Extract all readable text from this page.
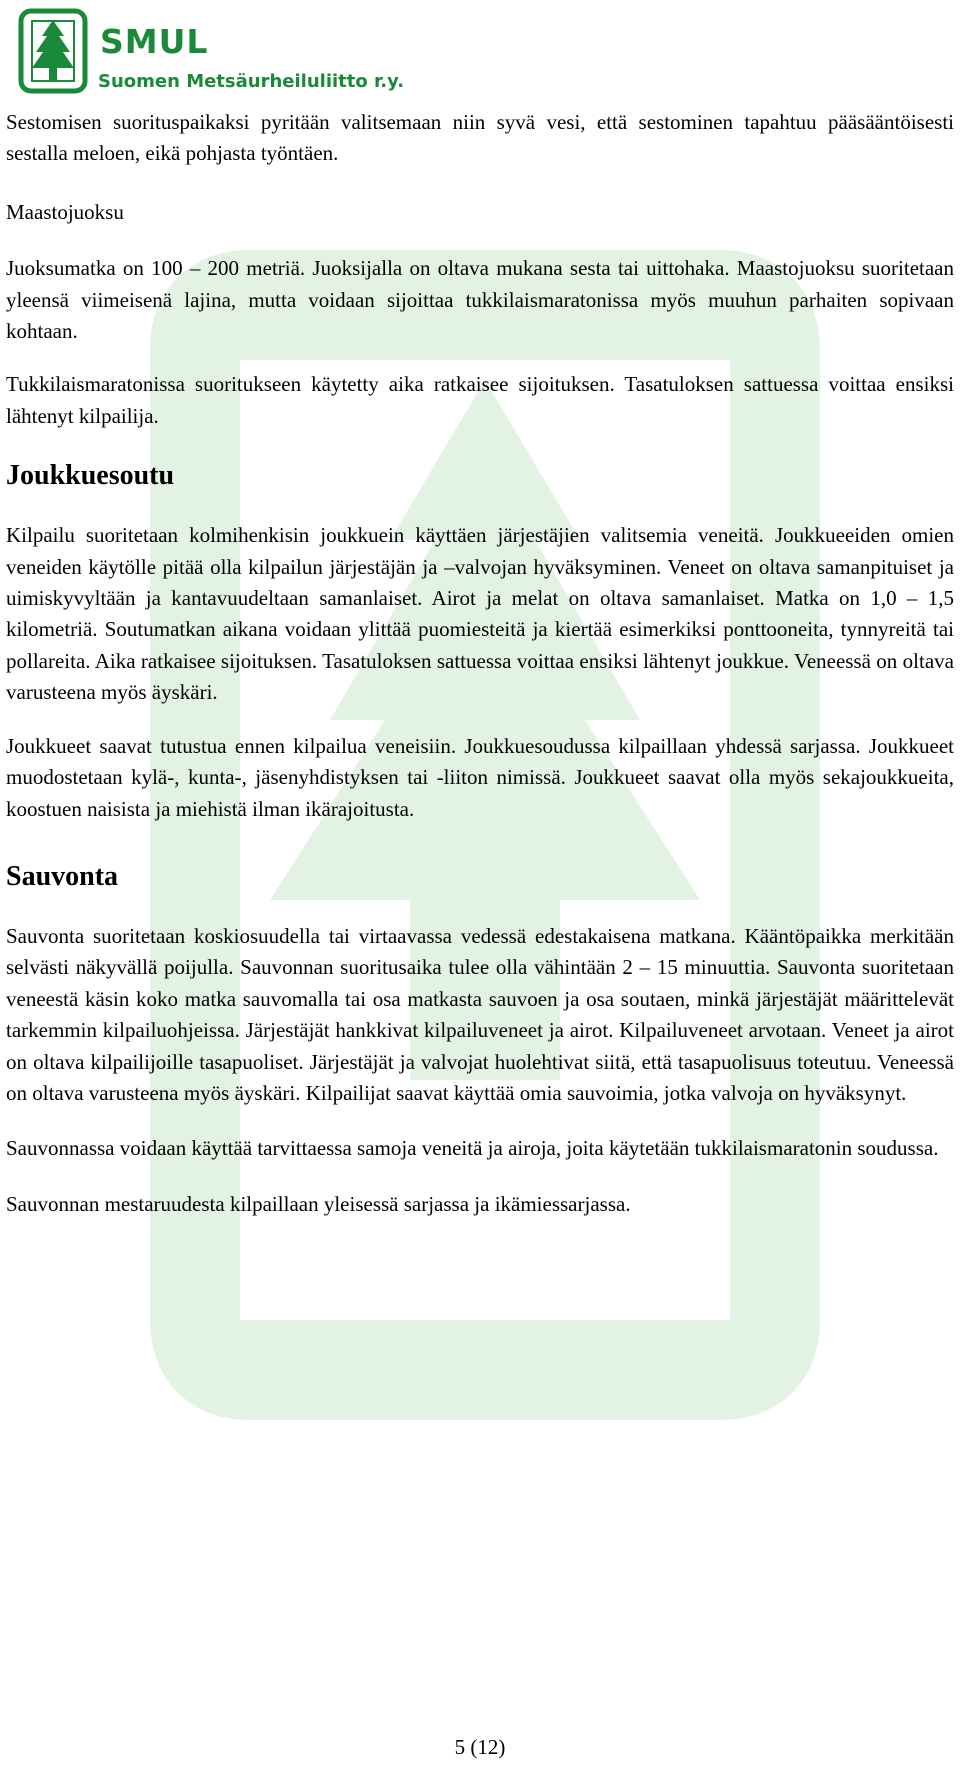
SMUL
Suomen Metsäurheiluliitto r.y.

Sestomisen suorituspaikaksi pyritään valitsemaan niin syvä vesi, että sestominen tapahtuu pääsääntöisesti sestalla meloen, eikä pohjasta työntäen.

Maastojuoksu

Juoksumatka on 100 – 200 metriä. Juoksijalla on oltava mukana sesta tai uittohaka. Maastojuoksu suoritetaan yleensä viimeisenä lajina, mutta voidaan sijoittaa tukkilaismaratonissa myös muuhun parhaiten sopivaan kohtaan.

Tukkilaismaratonissa suoritukseen käytetty aika ratkaisee sijoituksen. Tasatuloksen sattuessa voittaa ensiksi lähtenyt kilpailija.

Joukkuesoutu

Kilpailu suoritetaan kolmihenkisin joukkuein käyttäen järjestäjien valitsemia veneitä. Joukkueeiden omien veneiden käytölle pitää olla kilpailun järjestäjän ja –valvojan hyväksyminen. Veneet on oltava samanpituiset ja uimiskyvyltään ja kantavuudeltaan samanlaiset. Airot ja melat on oltava samanlaiset. Matka on 1,0 – 1,5 kilometriä. Soutumatkan aikana voidaan ylittää puomiesteitä ja kiertää esimerkiksi ponttooneita, tynnyreitä tai pollareita. Aika ratkaisee sijoituksen. Tasatuloksen sattuessa voittaa ensiksi lähtenyt joukkue. Veneessä on oltava varusteena myös äyskäri.

Joukkueet saavat tutustua ennen kilpailua veneisiin. Joukkuesoudussa kilpaillaan yhdessä sarjassa. Joukkueet muodostetaan kylä-, kunta-, jäsenyhdistyksen tai -liiton nimissä. Joukkueet saavat olla myös sekajoukkueita, koostuen naisista ja miehistä ilman ikärajoitusta.

Sauvonta

Sauvonta suoritetaan koskiosuudella tai virtaavassa vedessä edestakaisena matkana. Kääntöpaikka merkitään selvästi näkyvällä poijulla. Sauvonnan suoritusaika tulee olla vähintään 2 – 15 minuuttia. Sauvonta suoritetaan veneestä käsin koko matka sauvomalla tai osa matkasta sauvoen ja osa soutaen, minkä järjestäjät määrittelevät tarkemmin kilpailuohjeissa. Järjestäjät hankkivat kilpailuveneet ja airot. Kilpailuveneet arvotaan. Veneet ja airot on oltava kilpailijoille tasapuoliset. Järjestäjät ja valvojat huolehtivat siitä, että tasapuolisuus toteutuu. Veneessä on oltava varusteena myös äyskäri. Kilpailijat saavat käyttää omia sauvoimia, jotka valvoja on hyväksynyt.

Sauvonnassa voidaan käyttää tarvittaessa samoja veneitä ja airoja, joita käytetään tukkilaismaratonin soudussa.

Sauvonnan mestaruudesta kilpaillaan yleisessä sarjassa ja ikämiessarjassa.

5 (12)
